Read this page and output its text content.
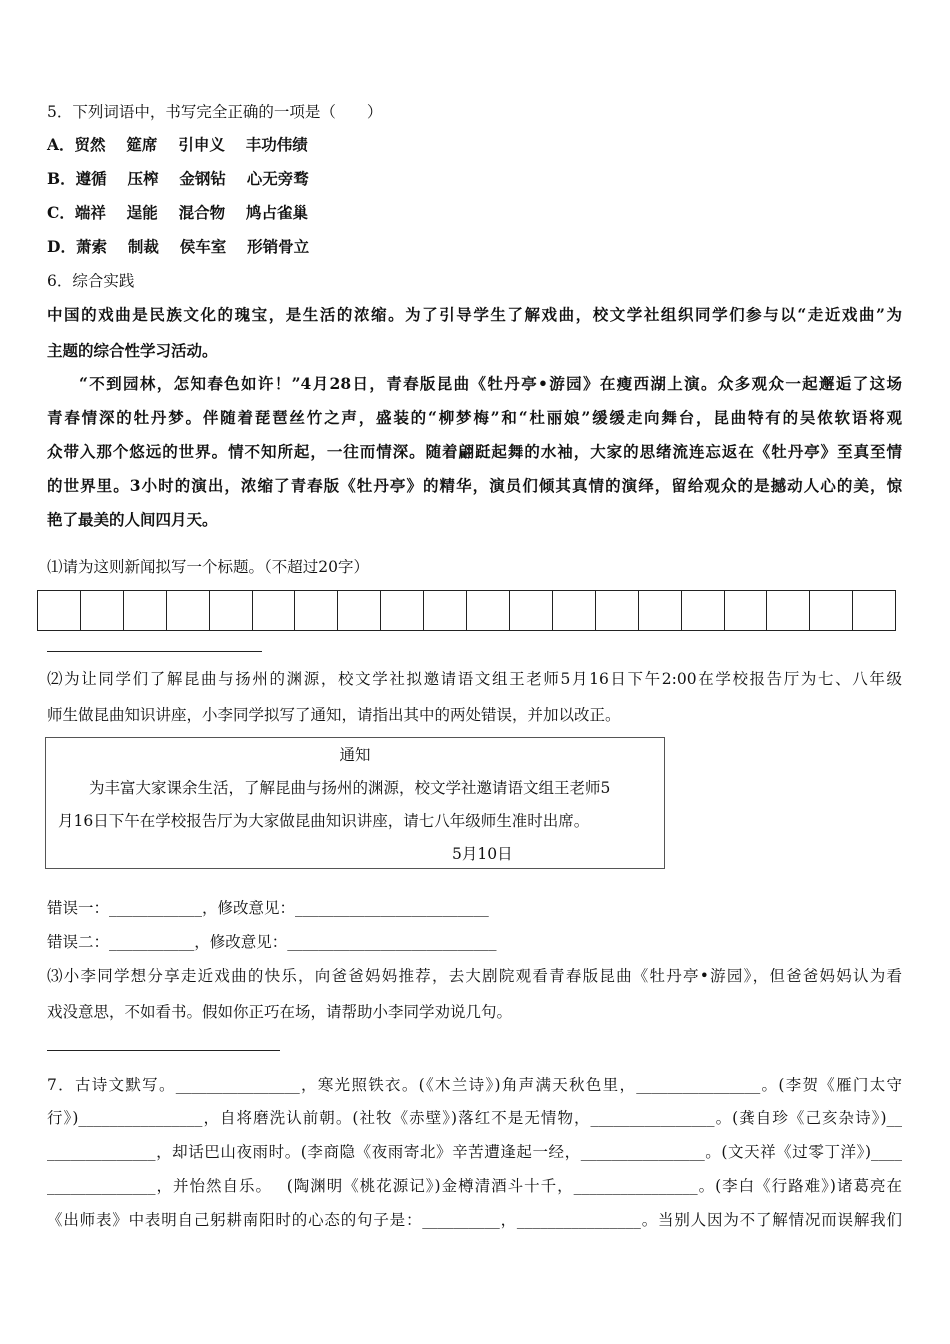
5．下列词语中，书写完全正确的一项是（　　）
A．贸然　 筵席　 引申义　 丰功伟绩
B．遵循　 压榨　 金钢钻　 心无旁骛
C．端祥　 逞能　 混合物　 鸠占雀巢
D．萧索　 制裁　 侯车室　 形销骨立
6．综合实践
中国的戏曲是民族文化的瑰宝，是生活的浓缩。为了引导学生了解戏曲，校文学社组织同学们参与以“走近戏曲”为
主题的综合性学习活动。
“不到园林，怎知春色如许！”4月28日，青春版昆曲《牡丹亭•游园》在瘦西湖上演。众多观众一起邂逅了这场
青春情深的牡丹梦。伴随着琵琶丝竹之声，盛装的“柳梦梅”和“杜丽娘”缓缓走向舞台，昆曲特有的吴侬软语将观
众带入那个悠远的世界。情不知所起，一往而情深。随着翩跹起舞的水袖，大家的思绪流连忘返在《牡丹亭》至真至情
的世界里。3小时的演出，浓缩了青春版《牡丹亭》的精华，演员们倾其真情的演绎，留给观众的是撼动人心的美，惊
艳了最美的人间四月天。
⑴请为这则新闻拟写一个标题。（不超过20字）
⑵为让同学们了解昆曲与扬州的渊源，校文学社拟邀请语文组王老师5月16日下午2:00在学校报告厅为七、八年级
师生做昆曲知识讲座，小李同学拟写了通知，请指出其中的两处错误，并加以改正。
通知
　　为丰富大家课余生活，了解昆曲与扬州的渊源，校文学社邀请语文组王老师5
月16日下午在学校报告厅为大家做昆曲知识讲座，请七八年级师生准时出席。
5月10日
错误一：____________，修改意见：_________________________
错误二：___________，修改意见：___________________________
⑶小李同学想分享走近戏曲的快乐，向爸爸妈妈推荐，去大剧院观看青春版昆曲《牡丹亭•游园》，但爸爸妈妈认为看
戏没意思，不如看书。假如你正巧在场，请帮助小李同学劝说几句。
7．古诗文默写。________________，寒光照铁衣。(《木兰诗》)角声满天秋色里，________________。(李贺《雁门太守
行》)________________，自将磨洗认前朝。(社牧《赤壁》)落红不是无情物，________________。(龚自珍《己亥杂诗》)__
______________，却话巴山夜雨时。(李商隐《夜雨寄北》辛苦遭逢起一经，________________。(文天祥《过零丁洋》)____
______________，并怡然自乐。　 (陶渊明《桃花源记》)金樽清酒斗十千，________________。(李白《行路难》)诸葛亮在
《出师表》中表明自己躬耕南阳时的心态的句子是：__________，________________。当别人因为不了解情况而误解我们
